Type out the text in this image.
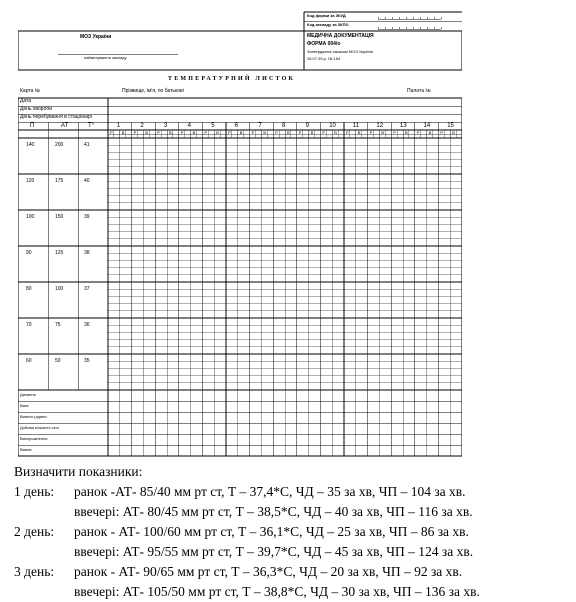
Код форми за ЗКУД
Код закладу за ЗКПО
МОЗ України
найменування закладу
МЕДИЧНА ДОКУМЕНТАЦІЯ
ФОРМА 004/о
Затверджена наказом МОЗ України
26.07.99 р. № 184
ТЕМПЕРАТУРНИЙ ЛИСТОК
Карта №	Прізвище, ім'я, по батькові	Палата №
Дата
День хвороби
День перебування в стаціонарі
П	АТ	T°	1
Р В
2
Р В
3
Р В
4
Р В
5
Р В
6
Р В
7
Р В
8
Р В
9
Р В
10
Р В
11
Р В
12
Р В
13
Р В
14
Р В
15
Р В
140	200	41
120	175	40
100	150	39
90	125	38
80	100	37
70	75	36
60	50	35
Дихання
Вага
Випито рідини
Добова кількість сечі
Випорожнення
Ванна
Визначити показники:
1 день: ранок -АТ- 85/40 мм рт ст, Т – 37,4*С, ЧД – 35 за хв, ЧП – 104 за хв.
ввечері: АТ- 80/45 мм рт ст, Т – 38,5*С, ЧД – 40 за хв, ЧП – 116 за хв.
2 день: ранок - АТ- 100/60 мм рт ст, Т – 36,1*С, ЧД – 25 за хв, ЧП – 86 за хв.
ввечері: АТ- 95/55 мм рт ст, Т – 39,7*С, ЧД – 45 за хв, ЧП – 124 за хв.
3 день: ранок - АТ- 90/65 мм рт ст, Т – 36,3*С, ЧД – 20 за хв, ЧП – 92 за хв.
ввечері: АТ- 105/50 мм рт ст, Т – 38,8*С, ЧД – 30 за хв, ЧП – 136 за хв.
